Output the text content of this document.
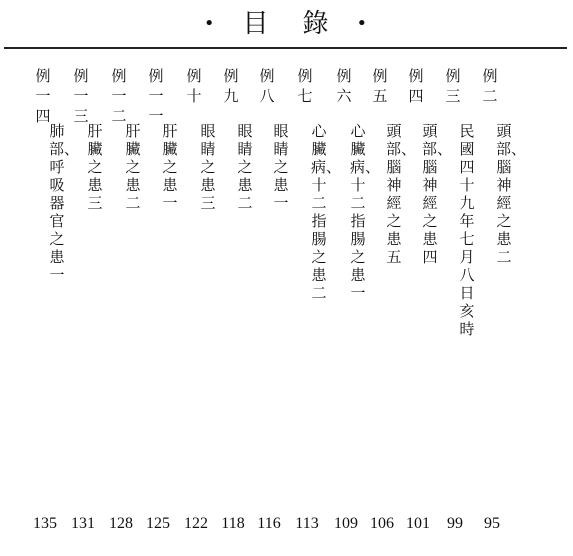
• 目 錄 •
例二
頭部、腦神經之患二
95
例三
民國四十九年七月八日亥時
99
例四
頭部、腦神經之患四
101
例五
頭部、腦神經之患五
106
例六
心臟病、十二指腸之患一
109
例七
心臟病、十二指腸之患二
113
例八
眼睛之患一
116
例九
眼睛之患二
118
例十
眼睛之患三
122
例一一
肝臟之患一
125
例一二
肝臟之患二
128
例一三
肝臟之患三
131
例一四
肺部、呼吸器官之患一
135
